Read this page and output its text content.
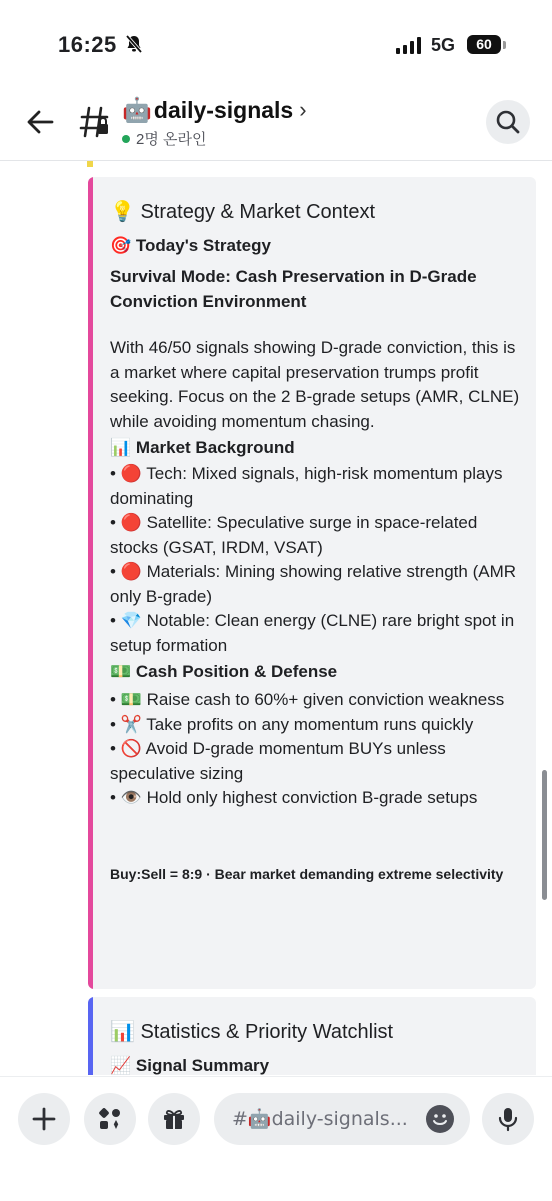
16:25	5G	60
🤖 daily-signals ›
2명 온라인
💡 Strategy & Market Context
🎯 Today's Strategy
Survival Mode: Cash Preservation in D-Grade Conviction Environment
With 46/50 signals showing D-grade conviction, this is a market where capital preservation trumps profit seeking. Focus on the 2 B-grade setups (AMR, CLNE) while avoiding momentum chasing.
📊 Market Background
• 🔴 Tech: Mixed signals, high-risk momentum plays dominating
• 🔴 Satellite: Speculative surge in space-related stocks (GSAT, IRDM, VSAT)
• 🔴 Materials: Mining showing relative strength (AMR only B-grade)
• 💎 Notable: Clean energy (CLNE) rare bright spot in setup formation
💵 Cash Position & Defense
• 💵 Raise cash to 60%+ given conviction weakness
• ✂️ Take profits on any momentum runs quickly
• 🚫 Avoid D-grade momentum BUYs unless speculative sizing
• 👁️ Hold only highest conviction B-grade setups
Buy:Sell = 8:9 · Bear market demanding extreme selectivity
📊 Statistics & Priority Watchlist
📈 Signal Summary
#🤖daily-signals...
